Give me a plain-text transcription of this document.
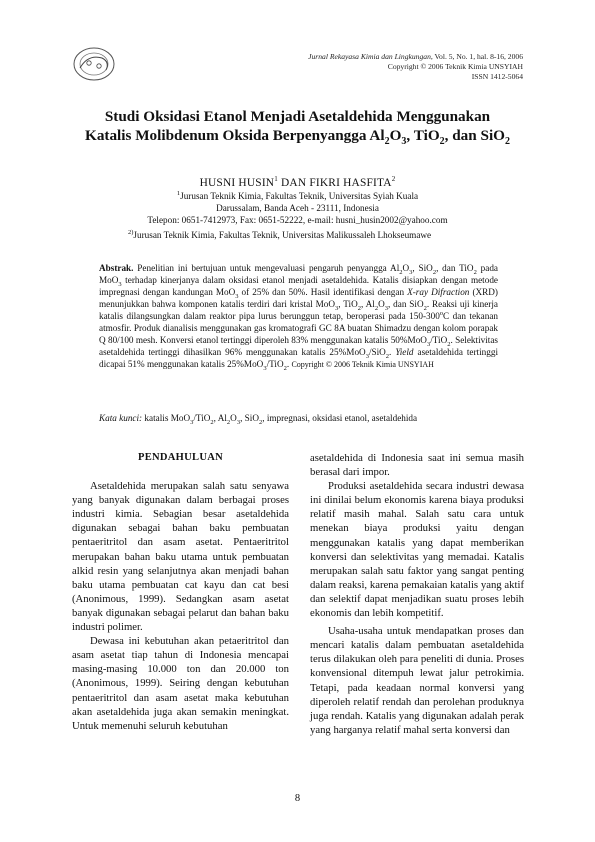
Jurnal Rekayasa Kimia dan Lingkungan, Vol. 5, No. 1, hal. 8-16, 2006
Copyright © 2006 Teknik Kimia UNSYIAH
ISSN 1412-5064
Studi Oksidasi Etanol Menjadi Asetaldehida Menggunakan
Katalis Molibdenum Oksida Berpenyangga $Al_2O_3$, TiO$_2$, dan SiO$_2$
HUSNI HUSIN$^1$ DAN FIKRI HASFITA$^2$
$^1$Jurusan Teknik Kimia, Fakultas Teknik, Universitas Syiah Kuala
Darussalam, Banda Aceh - 23111, Indonesia
Telepon: 0651-7412973, Fax: 0651-52222, e-mail: husni_husin2002@yahoo.com
$^{2)}$Jurusan Teknik Kimia, Fakultas Teknik, Universitas Malikussaleh Lhokseumawe
Abstrak. Penelitian ini bertujuan untuk mengevaluasi pengaruh penyangga $Al_2O_3$, SiO$_2$, dan TiO$_2$ pada MoO$_3$ terhadap kinerjanya dalam oksidasi etanol menjadi asetaldehida. Katalis disiapkan dengan metode impregnasi dengan kandungan MoO$_3$ of 25% dan 50%. Hasil identifikasi dengan X-ray Difraction (XRD) menunjukkan bahwa komponen katalis terdiri dari kristal MoO$_3$, TiO$_2$, $Al_2O_3$, dan SiO$_2$. Reaksi uji kinerja katalis dilangsungkan dalam reaktor pipa lurus berunggun tetap, beroperasi pada 150-300$^o$C dan tekanan atmosfir. Produk dianalisis menggunakan gas kromatografi GC 8A buatan Shimadzu dengan kolom porapak Q 80/100 mesh. Konversi etanol tertinggi diperoleh 83% menggunakan katalis 50%MoO$_3$/TiO$_2$. Selektivitas asetaldehida tertinggi dihasilkan 96% menggunakan katalis 25%MoO$_3$/SiO$_2$. Yield asetaldehida tertinggi dicapai 51% menggunakan katalis 25%MoO$_3$/TiO$_2$. Copyright © 2006 Teknik Kimia UNSYIAH
Kata kunci: katalis MoO$_3$/TiO$_2$, $Al_2O_3$, SiO$_2$, impregnasi, oksidasi etanol, asetaldehida

PENDAHULUAN

Asetaldehida merupakan salah satu senyawa yang banyak digunakan dalam berbagai proses industri kimia. Sebagian besar asetaldehida digunakan sebagai bahan baku pembuatan pentaeritritol dan asam asetat. Pentaeritritol merupakan bahan baku utama untuk pembuatan alkid resin yang selanjutnya akan menjadi bahan baku utama pembuatan cat kayu dan cat besi (Anonimous, 1999). Sedangkan asam asetat banyak digunakan sebagai pelarut dan bahan baku industri polimer.

Dewasa ini kebutuhan akan petaeritritol dan asam asetat tiap tahun di Indonesia mencapai masing-masing 10.000 ton dan 20.000 ton (Anonimous, 1999). Seiring dengan kebutuhan pentaeritritol dan asam asetat maka kebutuhan akan asetaldehida juga akan semakin meningkat. Untuk memenuhi seluruh kebutuhan

asetaldehida di Indonesia saat ini semua masih berasal dari impor.

Produksi asetaldehida secara industri dewasa ini dinilai belum ekonomis karena biaya produksi relatif masih mahal. Salah satu cara untuk menekan biaya produksi yaitu dengan menggunakan katalis yang dapat memberikan konversi dan selektivitas yang memadai. Katalis merupakan salah satu faktor yang sangat penting dalam reaksi, karena pemakaian katalis yang aktif dan selektif dapat menjadikan suatu proses lebih ekonomis dan lebih kompetitif.

Usaha-usaha untuk mendapatkan proses dan mencari katalis dalam pembuatan asetaldehida terus dilakukan oleh para peneliti di dunia. Proses konvensional ditempuh lewat jalur petrokimia. Tetapi, pada keadaan normal konversi yang diperoleh relatif rendah dan perolehan produknya juga rendah. Katalis yang digunakan adalah perak yang harganya relatif mahal serta konversi dan

8
